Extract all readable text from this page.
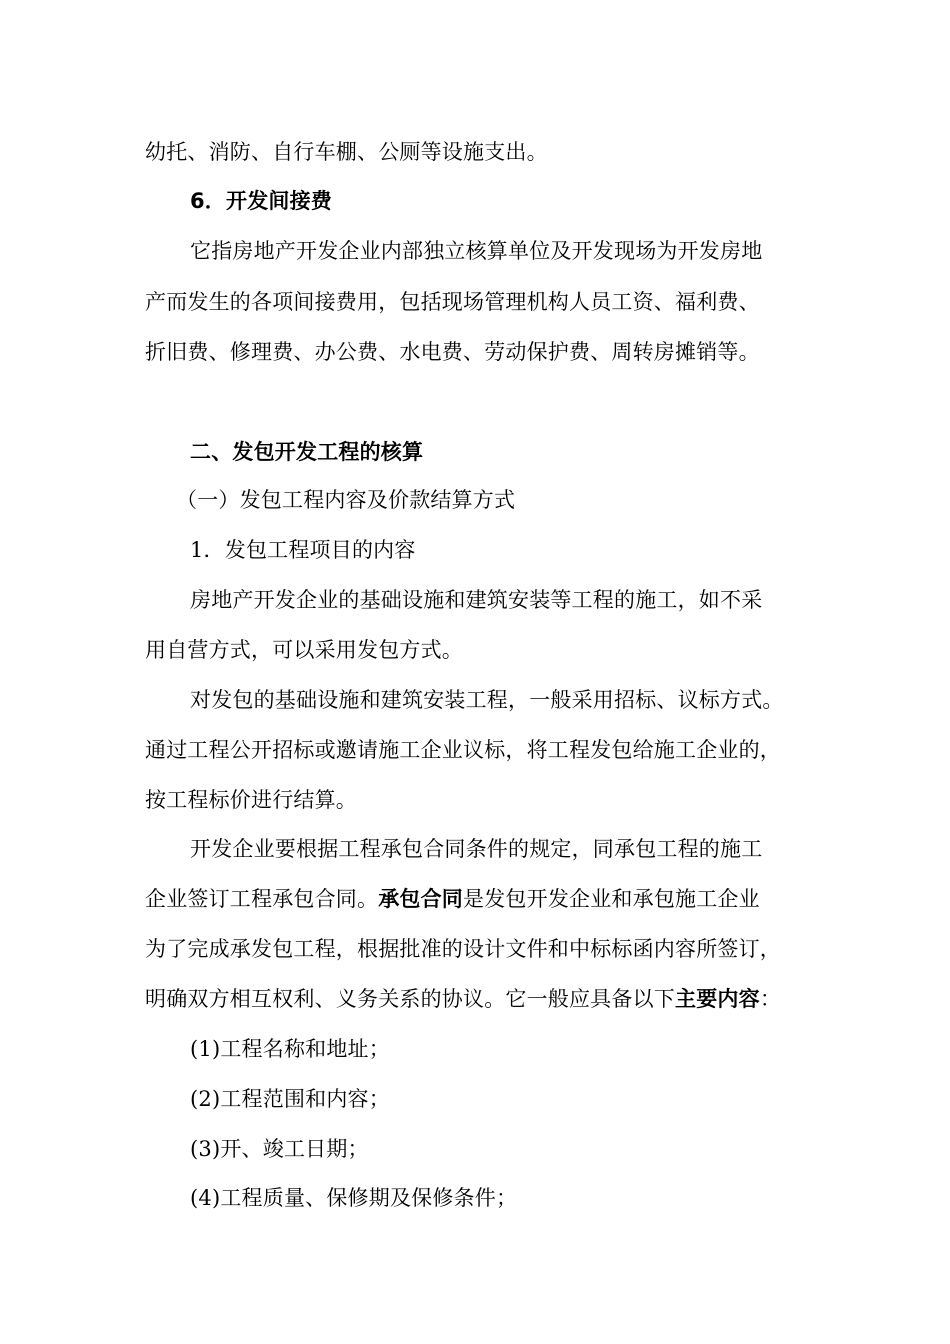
幼托、消防、自行车棚、公厕等设施支出。
6．开发间接费
它指房地产开发企业内部独立核算单位及开发现场为开发房地
产而发生的各项间接费用，包括现场管理机构人员工资、福利费、
折旧费、修理费、办公费、水电费、劳动保护费、周转房摊销等。
二、发包开发工程的核算
（一）发包工程内容及价款结算方式
1．发包工程项目的内容
房地产开发企业的基础设施和建筑安装等工程的施工，如不采
用自营方式，可以采用发包方式。
对发包的基础设施和建筑安装工程，一般采用招标、议标方式。
通过工程公开招标或邀请施工企业议标，将工程发包给施工企业的，
按工程标价进行结算。
开发企业要根据工程承包合同条件的规定，同承包工程的施工
企业签订工程承包合同。承包合同是发包开发企业和承包施工企业
为了完成承发包工程，根据批准的设计文件和中标标函内容所签订，
明确双方相互权利、义务关系的协议。它一般应具备以下主要内容：
(1)工程名称和地址；
(2)工程范围和内容；
(3)开、竣工日期；
(4)工程质量、保修期及保修条件；
